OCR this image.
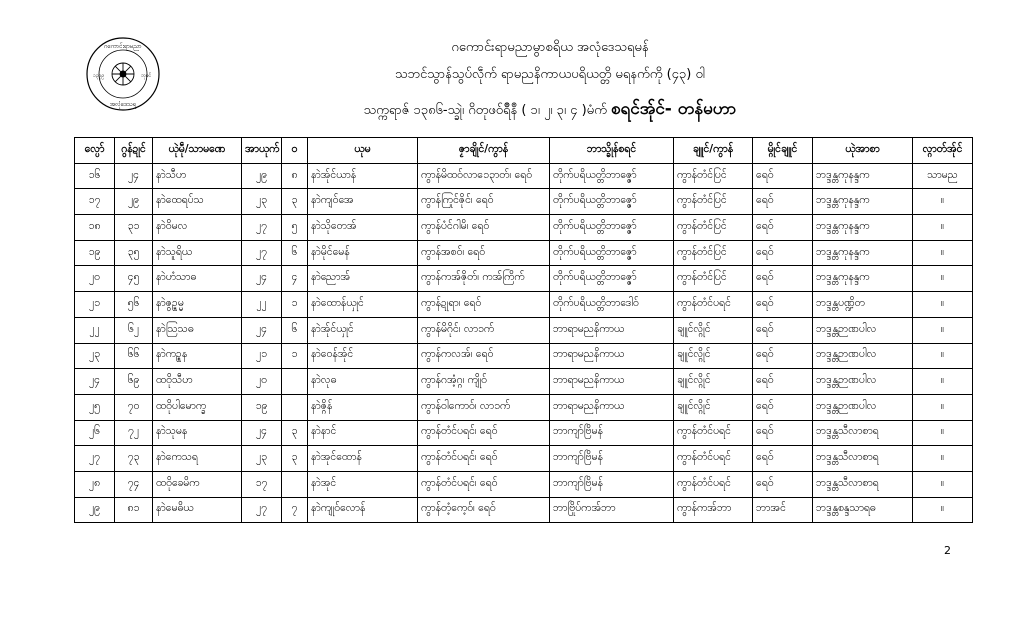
ဂကောင်းရာမညာ
၁၃၃၉	ဘုမင်
အလုံဒေသရ
ဂကောင်းရာမညာမွာစရိယ အလုံဒေသရမန်
သဘင်သွာန်သွပ်လဵုက် ရာမညနိကာယပရိယတ္တိ မရနက်ကို (၄၃) ဝါ
သက္ကရာဇ် ၁၃၈၆-သ္ခုဲ၊ ဂိတုဖဝ်ရဳိနဳ ( ၁၊ ၂၊ ၃၊ ၄ )မံက် စရင်အ်ုင်- တန်မဟာ
လ္ပော်	ဂွန်ဍုင်	ယုဲမဵု/သာမဏေ	အာယုက်	ဝ	ယုမ	ဇၟာချိုင်/ကွာန်	ဘာသ္ခိုန်စရင်	ချူင်/ကွာန်	မ္ဂိုင်ချူင်	ယုဲအာစာ	လ္ဂာတ်အ်ုင်
၁၆	၂၄	နာဲသီဟ	၂၉	၈	နာဲအ်ုင်ယာန်	ကွာန်မိထဝ်လာ၁ေ၃ာတ်၊ ရေဝ်	တိုက်ပရိယတ္တိဘာဇ္ဇော်	ကွာန်တံင်ပြင်	ရေဝ်	ဘဒ္ဒန္တကုနန္ဒက	သာမည
၁၇	၂၉	နာဲထေရပ်သ	၂၃	၃	နာဲကျဝ်အေ	ကွာန်ကြုင်ဇိုင်၊ ရေဝ်	တိုက်ပရိယတ္တိဘာဇ္ဇော်	ကွာန်တံင်ပြင်	ရေဝ်	ဘဒ္ဒန္တကုနန္ဒက	။
၁၈	၃၁	နာဲဝိမလ	၂၇	၅	နာဲသိုတေအ်	ကွာန်ပံင်ဂါမိ၊ ရေဝ်	တိုက်ပရိယတ္တိဘာဇ္ဇော်	ကွာန်တံင်ပြင်	ရေဝ်	ဘဒ္ဒန္တကုနန္ဒက	။
၁၉	၃၅	နာဲသူရိယ	၂၇	၆	နာဲမိုင်မေန်	ကွာန်အစဝ်၊ ရေဝ်	တိုက်ပရိယတ္တိဘာဇ္ဇော်	ကွာန်တံင်ပြင်	ရေဝ်	ဘဒ္ဒန္တကုနန္ဒက	။
၂၀	၄၅	နာဲဟံသာဓ	၂၄	၄	နာဲညောအ်	ကွာန်ကအ်ဇိုတ်၊ ကအ်ကြိက်	တိုက်ပရိယတ္တိဘာဇ္ဇော်	ကွာန်တံင်ပြင်	ရေဝ်	ဘဒ္ဒန္တကုနန္ဒက	။
၂၁	၅၆	နာဲဇွဥ္မမ္မ	၂၂	၁	နာဲထောန်ယှုင်	ကွာန်ဍုရာ၊ ရေဝ်	တိုက်ပရိယတ္တိဘာဒေါဝ်	ကွာန်တံင်ပရင်	ရေဝ်	ဘဒ္ဒန္တပဏ္ဍိတ	။
၂၂	၆၂	နာဲသြသဓ	၂၄	၆	နာဲအ်ုင်ယှုင်	ကွာန်မိဂိုင်၊ လာ၁က်	ဘာရာမညနိကာယ	ချူင်လ္ဂိုင်	ရေဝ်	ဘဒ္ဒန္တဉာဏပါလ	။
၂၃	၆၆	နာဲကဥ္စန	၂၁	၁	နာဲဝေန်အ်ုင်	ကွာန်ကလအ်၊ ရေဝ်	ဘာရာမညနိကာယ	ချူင်လ္ဂိုင်	ရေဝ်	ဘဒ္ဒန္တဉာဏပါလ	။
၂၄	၆၉	ထဝိုသီဟ	၂၀		နာဲလုဓ	ကွာန်ဂအံ့ဂ္ဂ၊ ကျိုဝ်	ဘာရာမညနိကာယ	ချူင်လ္ဂိုင်	ရေဝ်	ဘဒ္ဒန္တဉာဏပါလ	။
၂၅	၇၀	ထဝိုပါမောက္ခ	၁၉		နာဲဇ္ဂိန်	ကွာန်ဝါကောဝ်၊ လာ၁က်	ဘာရာမညနိကာယ	ချူင်လ္ဂိုင်	ရေဝ်	ဘဒ္ဒန္တဉာဏပါလ	။
၂၆	၇၂	နာဲသုမန	၂၄	၃	နာဲနာင်	ကွာန်တံင်ပရင်၊ ရေဝ်	ဘာကျာ်ဗြိမန်	ကွာန်တံင်ပရင်	ရေဝ်	ဘဒ္ဒန္တသီလာစာရ	။
၂၇	၇၃	နာဲကေသရ	၂၃	၃	နာဲအုင်ထောန်	ကွာန်တံင်ပရင်၊ ရေဝ်	ဘာကျာ်ဗြိမန်	ကွာန်တံင်ပရင်	ရေဝ်	ဘဒ္ဒန္တသီလာစာရ	။
၂၈	၇၄	ထဝိုခေမိက	၁၇		နာဲအုင်	ကွာန်တံင်ပရင်၊ ရေဝ်	ဘာကျာ်ဗြိမန်	ကွာန်တံင်ပရင်	ရေဝ်	ဘဒ္ဒန္တသီလာစာရ	။
၂၉	၈၁	နာဲမေဓိယ	၂၇	၇	နာဲကျုဝ်လောန်	ကွာန်တံ့ကေ့ဝ်၊ ရေဝ်	ဘာဗြိုပ်ကအ်ဘာ	ကွာန်ကအ်ဘာ	ဘာအင်	ဘဒ္ဒန္တစန္ဒသာရဓ	။
2
